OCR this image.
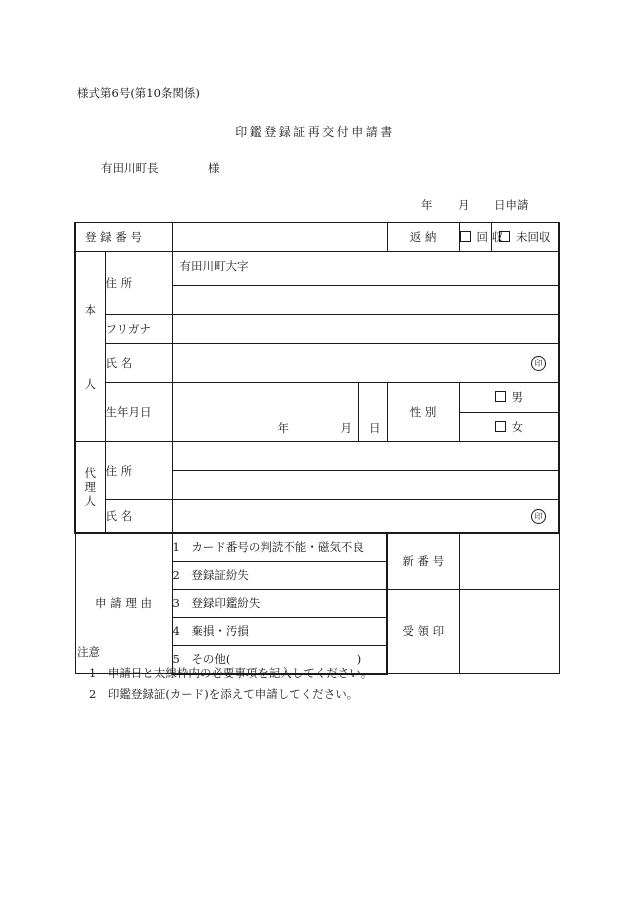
様式第6号(第10条関係)
印鑑登録証再交付申請書
有田川町長	様
年 月 日申請
登 録 番 号				返 納	回 収	未回収

本
人	住 所	有田川町大字				

	フリガナ					
	氏 名	印				
	生年月日	年 月	日	性 別	男	
					女	

代
理
人	住 所					

	氏 名	印				
申 請 理 由		1　カード番号の判読不能・磁気不良		新 番 号		
		2　登録証紛失				
		3　登録印鑑紛失		受 領 印		
		4　棄損・汚損				
		5　その他(　　　　　　　　　　　)				
注意
1　申請日と太線枠内の必要事項を記入してください。
2　印鑑登録証(カード)を添えて申請してください。
